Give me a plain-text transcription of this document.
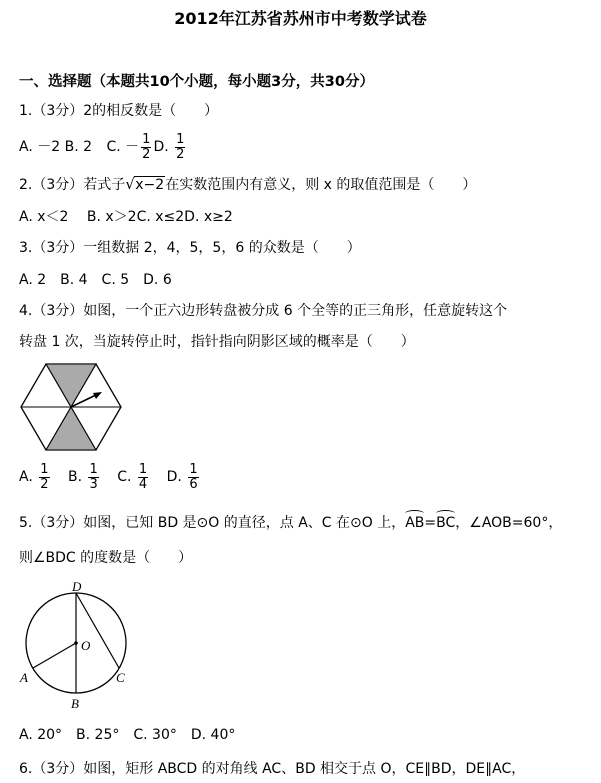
2012年江苏省苏州市中考数学试卷
一、选择题（本题共10个小题，每小题3分，共30分）
1.（3分）2的相反数是（　　）
A. －2 B. 2 C. － $\frac{1}{2} D$. $\frac{1}{2}$
2.（3分）若式子√ x−2在实数范围内有意义，则 x 的取值范围是（　　）
A. x＜2　 B. x＞2C. x≤2D. x≥2
3.（3分）一组数据 2，4，5，5，6 的众数是（　　）
A. 2　B. 4　C. 5　D. 6
4.（3分）如图，一个正六边形转盘被分成 6 个全等的正三角形，任意旋转这个
转盘 1 次，当旋转停止时，指针指向阴影区域的概率是（　　）
A. $\frac{1}{2} B$. $\frac{1}{3} C$. $\frac{1}{4} D$. $\frac{1}{6}$
5.（3分）如图，已知 BD 是⊙O 的直径，点 A、C 在⊙O 上，AB=BC，∠AOB=60°，
则∠BDC 的度数是（　　）
D
O
A	C
B
A. 20°　B. 25°　C. 30°　D. 40°
6.（3分）如图，矩形 ABCD 的对角线 AC、BD 相交于点 O，CE∥BD，DE∥AC，
